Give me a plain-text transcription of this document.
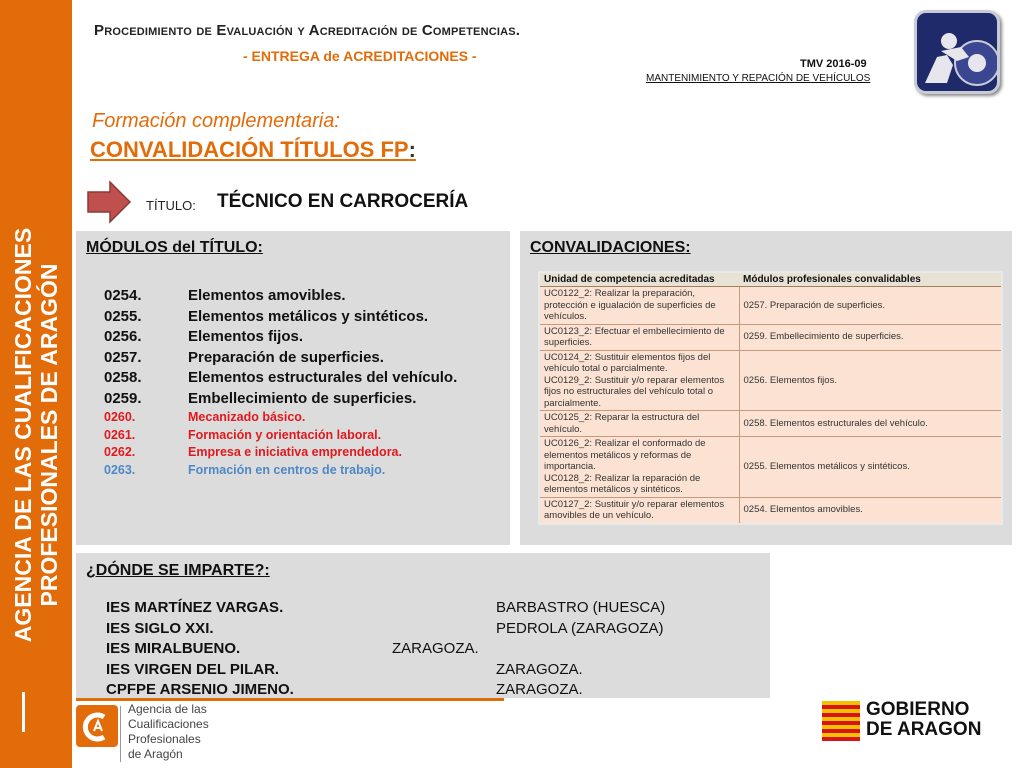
AGENCIA DE LAS CUALIFICACIONES PROFESIONALES DE ARAGÓN
Procedimiento de Evaluación y Acreditación de Competencias.
- ENTREGA de ACREDITACIONES -	TMV 2016-09
MANTENIMIENTO Y REPACIÓN DE VEHÍCULOS
Formación complementaria:
CONVALIDACIÓN TÍTULOS FP:
TÍTULO: TÉCNICO EN CARROCERÍA
MÓDULOS del TÍTULO:
0254.	Elementos amovibles.
0255.	Elementos metálicos y sintéticos.
0256.	Elementos fijos.
0257.	Preparación de superficies.
0258.	Elementos estructurales del vehículo.
0259.	Embellecimiento de superficies.
0260.	Mecanizado básico.
0261.	Formación y orientación laboral.
0262.	Empresa e iniciativa emprendedora.
0263.	Formación en centros de trabajo.
CONVALIDACIONES:
Unidad de competencia acreditadas	Módulos profesionales convalidables

UC0122_2: Realizar la preparación, protección e igualación de superficies de vehículos.	0257. Preparación de superficies.

UC0123_2: Efectuar el embellecimiento de superficies.	0259. Embellecimiento de superficies.

UC0124_2: Sustituir elementos fijos del vehículo total o parcialmente.
UC0129_2: Sustituir y/o reparar elementos fijos no estructurales del vehículo total o parcialmente.	0256. Elementos fijos.

UC0125_2: Reparar la estructura del vehículo.	0258. Elementos estructurales del vehículo.

UC0126_2: Realizar el conformado de elementos metálicos y reformas de importancia.
UC0128_2: Realizar la reparación de elementos metálicos y sintéticos.	0255. Elementos metálicos y sintéticos.

UC0127_2: Sustituir y/o reparar elementos amovibles de un vehículo.	0254. Elementos amovibles.
¿DÓNDE SE IMPARTE?:
IES MARTÍNEZ VARGAS.	BARBASTRO (HUESCA)
IES SIGLO XXI.	PEDROLA (ZARAGOZA)
IES MIRALBUENO.	ZARAGOZA.
IES VIRGEN DEL PILAR.	ZARAGOZA.
CPFPE ARSENIO JIMENO.	ZARAGOZA.
Agencia de las
Cualificaciones
Profesionales
de Aragón
GOBIERNO
DE ARAGON
